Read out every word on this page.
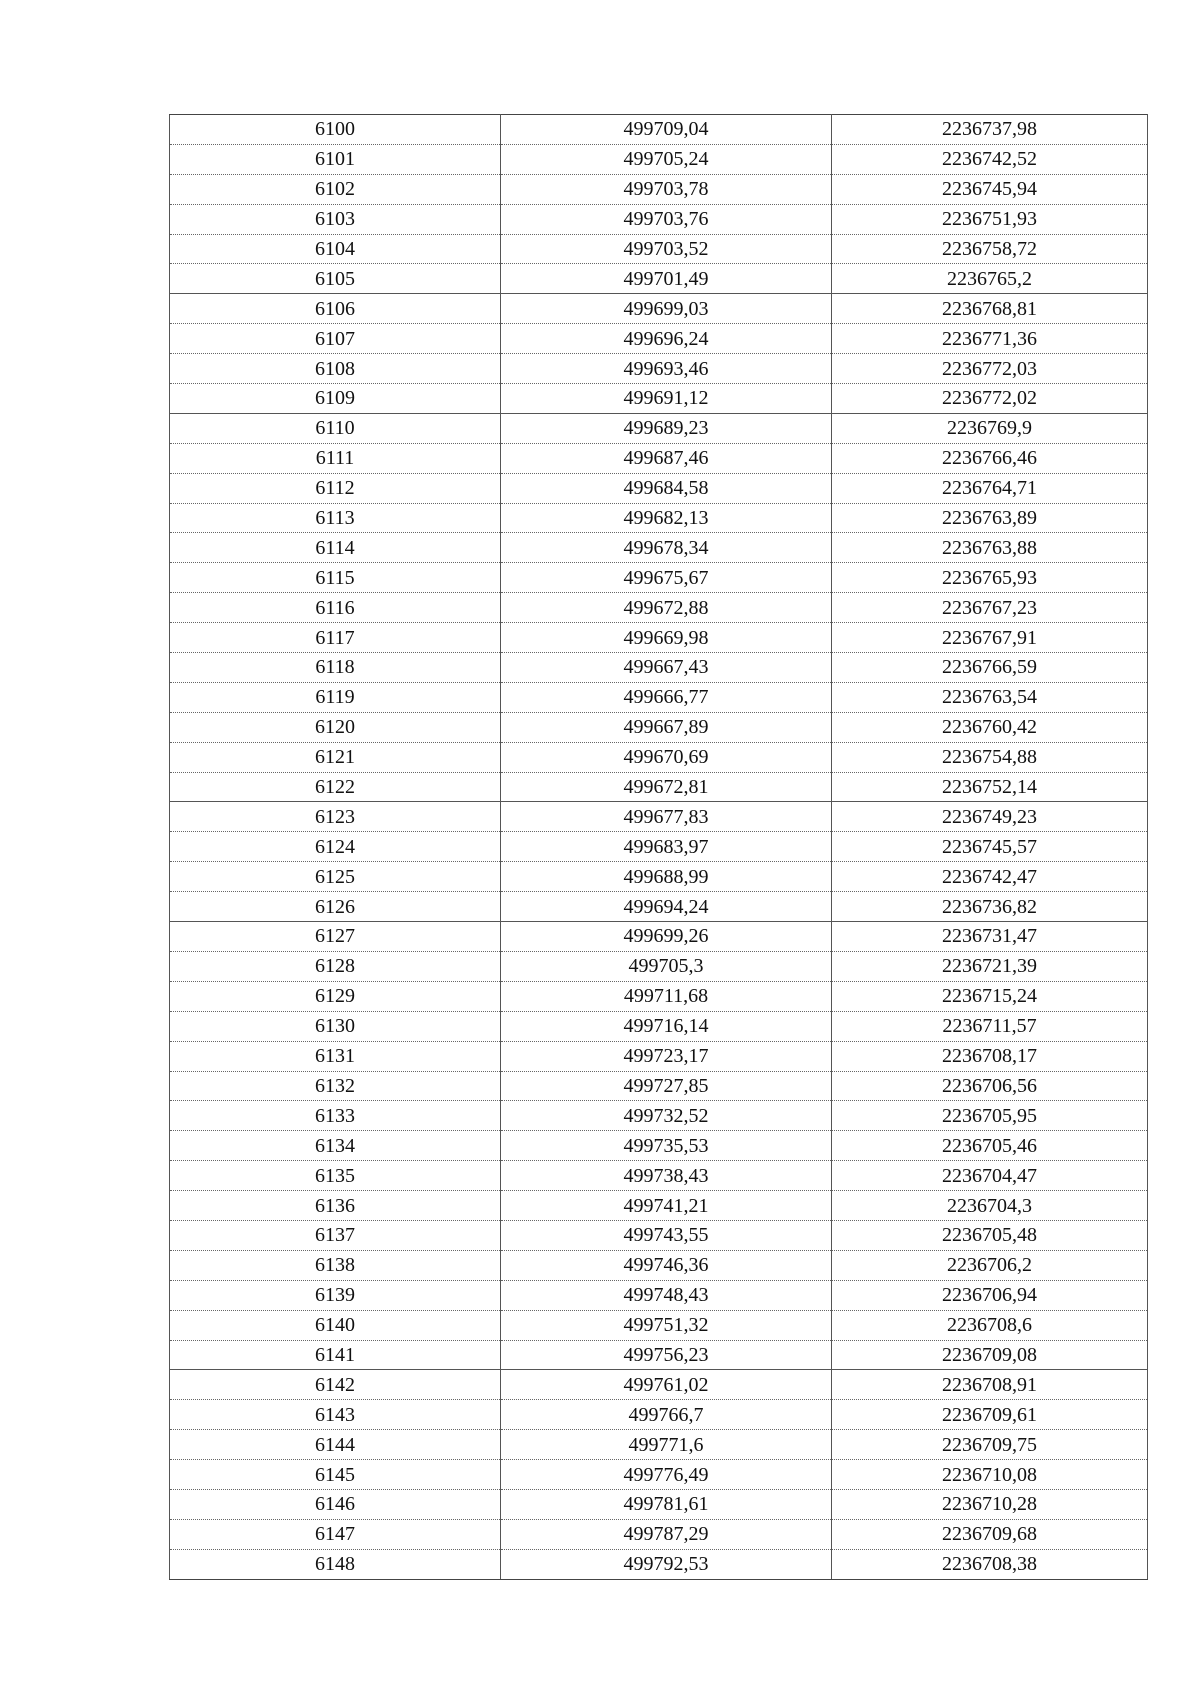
6100	499709,04	2236737,98
6101	499705,24	2236742,52
6102	499703,78	2236745,94
6103	499703,76	2236751,93
6104	499703,52	2236758,72
6105	499701,49	2236765,2
6106	499699,03	2236768,81
6107	499696,24	2236771,36
6108	499693,46	2236772,03
6109	499691,12	2236772,02
6110	499689,23	2236769,9
6111	499687,46	2236766,46
6112	499684,58	2236764,71
6113	499682,13	2236763,89
6114	499678,34	2236763,88
6115	499675,67	2236765,93
6116	499672,88	2236767,23
6117	499669,98	2236767,91
6118	499667,43	2236766,59
6119	499666,77	2236763,54
6120	499667,89	2236760,42
6121	499670,69	2236754,88
6122	499672,81	2236752,14
6123	499677,83	2236749,23
6124	499683,97	2236745,57
6125	499688,99	2236742,47
6126	499694,24	2236736,82
6127	499699,26	2236731,47
6128	499705,3	2236721,39
6129	499711,68	2236715,24
6130	499716,14	2236711,57
6131	499723,17	2236708,17
6132	499727,85	2236706,56
6133	499732,52	2236705,95
6134	499735,53	2236705,46
6135	499738,43	2236704,47
6136	499741,21	2236704,3
6137	499743,55	2236705,48
6138	499746,36	2236706,2
6139	499748,43	2236706,94
6140	499751,32	2236708,6
6141	499756,23	2236709,08
6142	499761,02	2236708,91
6143	499766,7	2236709,61
6144	499771,6	2236709,75
6145	499776,49	2236710,08
6146	499781,61	2236710,28
6147	499787,29	2236709,68
6148	499792,53	2236708,38
